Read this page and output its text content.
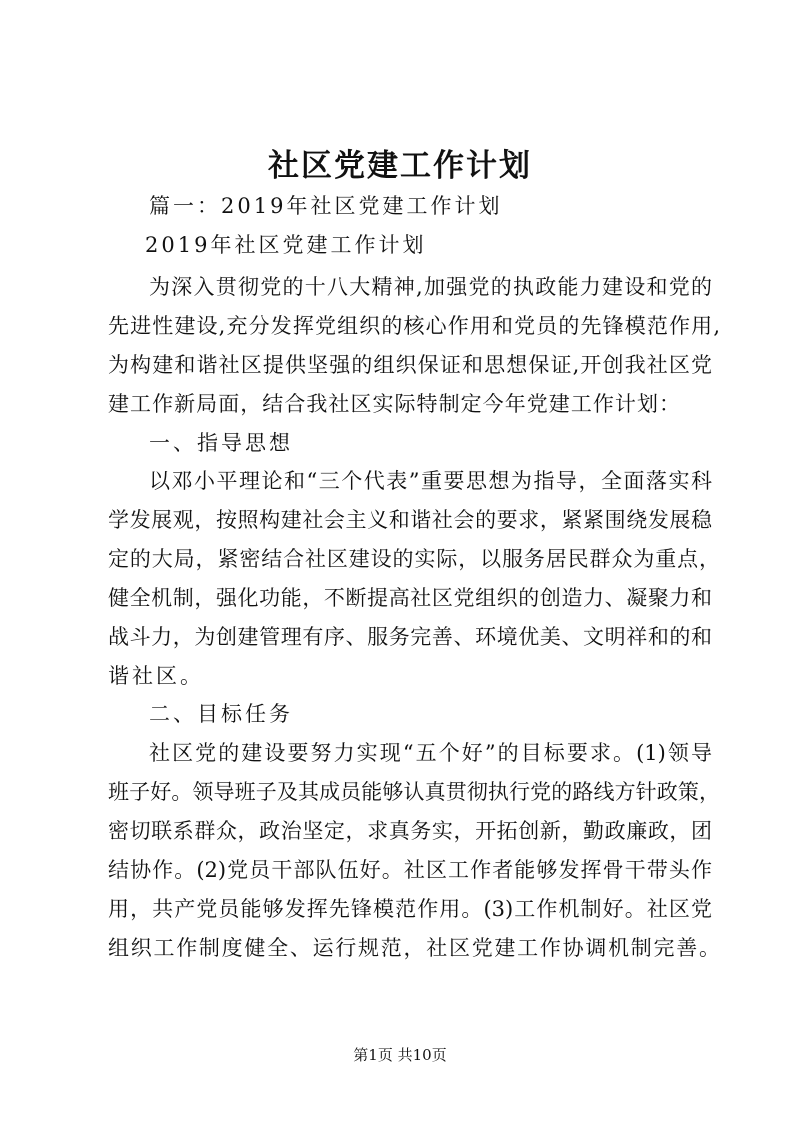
社区党建工作计划
篇一：2019年社区党建工作计划
2019年社区党建工作计划
为深入贯彻党的十八大精神,加强党的执政能力建设和党的
先进性建设,充分发挥党组织的核心作用和党员的先锋模范作用,
为构建和谐社区提供坚强的组织保证和思想保证,开创我社区党
建工作新局面，结合我社区实际特制定今年党建工作计划：
一、指导思想
以邓小平理论和“三个代表”重要思想为指导，全面落实科
学发展观，按照构建社会主义和谐社会的要求，紧紧围绕发展稳
定的大局，紧密结合社区建设的实际，以服务居民群众为重点，
健全机制，强化功能，不断提高社区党组织的创造力、凝聚力和
战斗力，为创建管理有序、服务完善、环境优美、文明祥和的和
谐社区。
二、目标任务
社区党的建设要努力实现“五个好”的目标要求。(1)领导
班子好。领导班子及其成员能够认真贯彻执行党的路线方针政策，
密切联系群众，政治坚定，求真务实，开拓创新，勤政廉政，团
结协作。(2)党员干部队伍好。社区工作者能够发挥骨干带头作
用，共产党员能够发挥先锋模范作用。(3)工作机制好。社区党
组织工作制度健全、运行规范，社区党建工作协调机制完善。
第1页 共10页
